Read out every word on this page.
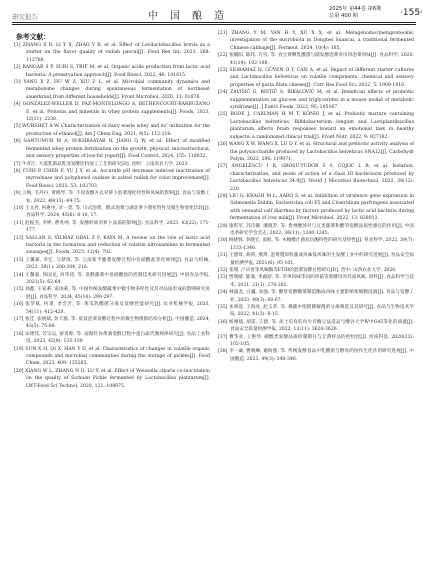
研究报告	中国酿造
2025年 第44卷 第6期
总第 400 期	·155·
参考文献：

[1] ZHANG X R, LI Y X, ZHAO Y R, et al. Effect of Levilactobacillus brevis as a starter on the flavor quality of radish paocai[J]. Food Res Int, 2023, 168: 112780.

[2] BANGAR S P, SURI S, TRIF M, et al. Organic acids production from lactic acid bacteria: A preservation approach[J]. Food Biosci, 2022, 46: 101615.

[3] YANG X Z, HU W Z, XIU Z L, et al. Microbial community dynamics and metabolome changes during spontaneous fermentation of northeast sauerkraut from different households[J]. Front Microbiol, 2020, 11: 01878.

[4] GONZÁLEZ-WELLER D, PAZ-MONTELONGO S, BETHENCOURT-BARBUZANO E, et al. Proteins and minerals in whey protein supplements[J]. Foods, 2023, 12(11): 2238.

[5] WUBSHET A W. Characterization of dairy waste whey and its' utilization for the production of ethanol[J]. Am J Chem Eng, 2021, 9(5): 112-118.

[6] GANTUMUR M A, SUKHBAATAR N, JIANG Q W, et al. Effect of modified fermented whey protein fertilization on the growth, physical, microstructural, and sensory properties of low-fat yogurt[J]. Food Control, 2024, 155: 110032.

[7] 牛青江. 大漠乳制品乳清发酵饮料加工工艺的研究[D]. 昆明：云南农业大学, 2023.

[8] CUIH P, CHEN F, YU J Y, et al. Accurate pH decrease induced inactivation of myrosinase and polyphenol oxidase in salted radish for color improvement[J]. Food Biosci, 2023, 53: 102703.

[9] 云梅, 毛丹丹, 黄晓琴, 等. 不同发酵方式对萝卜泡菜理化特性和风味的影响[J]. 食品与发酵工业, 2022, 48(13): 69-75.

[10] 王文君, 何惠中, 牙一萱, 等. 川式泡菜、酵式泡菜与湖北萝卜理化特性及微生物变化比较[J]. 食品科学, 2024, 45(6): 8-10, 17.

[11] 赵振杰, 李婷, 曹兆坤, 等. 发酵时间对萝卜品质的影响[J]. 食品科学, 2023, 42(22): 171-177.

[12] SALLAN S, YILMAZ ORAL Z F, KAYA M. A review on the role of lactic acid bacteria in the formation and reduction of volatile nitrosamines in fermented sausages[J]. Foods, 2023, 12(4): 702.

[13] 王馨嘉, 李宏, 马梦琦, 等. 云南新平腌菜发酵过程中亚硝酸盐变化规律[J]. 食品与机械, 2022, 38(1): 200-204, 216.

[14] 王馨嘉, 汤国龙, 何华琦, 等. 发酵蔬菜中亚硝酸盐的控制技术研究进展[J]. 中国食品学报, 2021(5): 62-64.

[15] 刘鑫, 王家莉, 雷雨莉, 等. 中国传统发酵蔬菜中微生物多样性及其对品质形成的影响研究进展[J]. 食品科学, 2024, 45(10): 290-297.

[16] 张华斌, 何秉, 李会芳, 等. 黄瓜乳酸菌分离及发酵性能研究[J]. 农业机械学报, 2023, 54(11): 412-420.

[17] 张佳, 张焕斌, 彭天群, 等. 低盐泡菜发酵过程中的微生物菌群结构分析[J]. 中国酿造, 2024, 43(5): 75-80.

[18] 宋建伟, 芳宗运, 蒙青蓉, 等. 南阳红谷黄酒发酵过程中蛋白质代谢规律研究[J]. 食品工业科技, 2023, 42(8): 135-139.

[19] SUN X H, QI X, HAN Y D, et al. Characteristics of changes in volatile organic compounds and microbial communities during the storage of pickles[J]. Food Chem, 2023, 409: 135285.

[20] XIANG W L, ZHANG N D, LU Y, et al. Effect of Weissella cibaria co-inoculation on the quality of Sichuan Pickle fermented by Lactobacillus plantarum[J]. LWT-Food Sci Technol, 2020, 121: 108975.

[21] ZHANG Y M, YAN H Y, XU X X, et al. Metagenomic/metaproteomic investigation of the microbiota in Dongbei Suancai, a traditional fermented Chinese cabbage[J]. Ferment, 2024, 10(4): 185.

[22] 张楠阳, 陈炜, 许雪, 等. 食宝黄颗乳酸菌与储发酵泡菜对川四泡菜风味[J]. 食品科学, 2020, 41(14): 102-108.

[23] SIGRAMAZ H, GÜVEN O T, CAN A, et al. Impact of different starter cultures and Lactobacillus helveticus on volatile components, chemical and sensory properties of pasta filata cheese[J]. Curr Res Food Sci, 2022, 5: 1009-1016.

[24] ZAVIŠIĆ G, RISTIĆ S, RIKALOVIĆ M, et al. Beneficial effects of probiotic supplementation on glucose and triglycerides in a mouse model of metabolic syndrome[J]. J Funct Foods, 2022, 95: 105167.

[25] RODE J, CARLMAN H M T, KÖNIG J, et al. Probiotic mixture containing Lactobacillus helveticus, Bifidobacterium longum and Lactiplantibacillus plantarum affects brain responses toward an emotional task in healthy subjects: a randomized clinical trial[J]. Front Nutr, 2022, 9: 827182.

[26] WANG X W, WANG X, LU D Y, et al. Structural and prebiotic activity analysis of the polysaccharide produced by Lactobacillus helveticus SNA12[J]. Carbohydr Polym, 2022, 296: 119971.

[27] ANGELESCU I R, GROSU-TUDOR S S, COJOC L R, et al. Isolation, characterization, and mode of action of a class III bacteriocin produced by Lactobacillus helveticus 34.9[J]. World J Microbiol Biotechnol, 2022, 38(12): 220.

[28] LIU G, KRAGH M L, AABO S, et al. Inhibition of virulence gene expression in Salmonella Dublin, Escherichia coli F5 and Clostridium perfringens associated with neonatal calf diarrhea by factors produced by lactic acid bacteria during fermentation of cow milk[J]. Front Microbiol, 2022, 13: 828013.

[29] 康彰军, 苏诗静, 潘晓芳, 等. 贵州酸汤对与豆类蔬菜和酸笋发酵品质性感官的作用[J]. 中国皮革研究学会会志, 2022, 36(11): 1240-1245.

[30] 杨晓蓉, 李晓宏, 南航, 等. 木棉酸汁菌抗抗酶特性的研究及特性[J]. 草业科学, 2022, 39(7): 1333-1340.

[31] 王德琦, 胡荷, 燕窝. 泡菜腊原料蔬成风味肽风味的生发酵工业中的研究进展[J]. 食品安全质量检测学报, 2021(6): 95-101.

[32] 张翔, 户庆香等风味酶等FTIR的泡菜发酵过程研究[D]. 晋中: 山西农业大学, 2020.

[33] 贾瑞晴, 陈瑜, 李露原, 等. 苹单风味等向的草菇等浆酵母对苏南风味, 原料[J]. 食品科学与技术, 2021, 21(1): 276-282.

[34] 林盛龙, 白巍, 高强, 等. 酵母发酵酿菜制造酶成风味主要影响浆细胞浸润[J]. 食品与发酵工业, 2023, 49(3): 60-67.

[35] 朱翠莲, 王海亮, 赵玉荣, 等. 佛蔬中组嵌降解菌的分离筛选及其研究[J]. 食品与生物技术学报, 2022, 41(3): 8-15.

[36] 杨豫斌, 胡雷, 王德, 等. 泥土培育的丙少有酶豆法选品与酸谷大学Ⅳ中G45等化的质量[J]. 食品安全质量检测学报, 2022, 13(11): 3620-3626.

[37] 曹华业, 王艳琴. 碳酸类发酵品质检制制并与无菌样品的控检控[J]. 河南科技, 2020(22): 102-105.

[38] 李一谦, 曹晓琳, 谢海燕, 等. 传统发酵食品中乳酸菌与酵母的协作生化作用研究进展[J]. 中国酿造, 2023, 49(3): 340-346.
